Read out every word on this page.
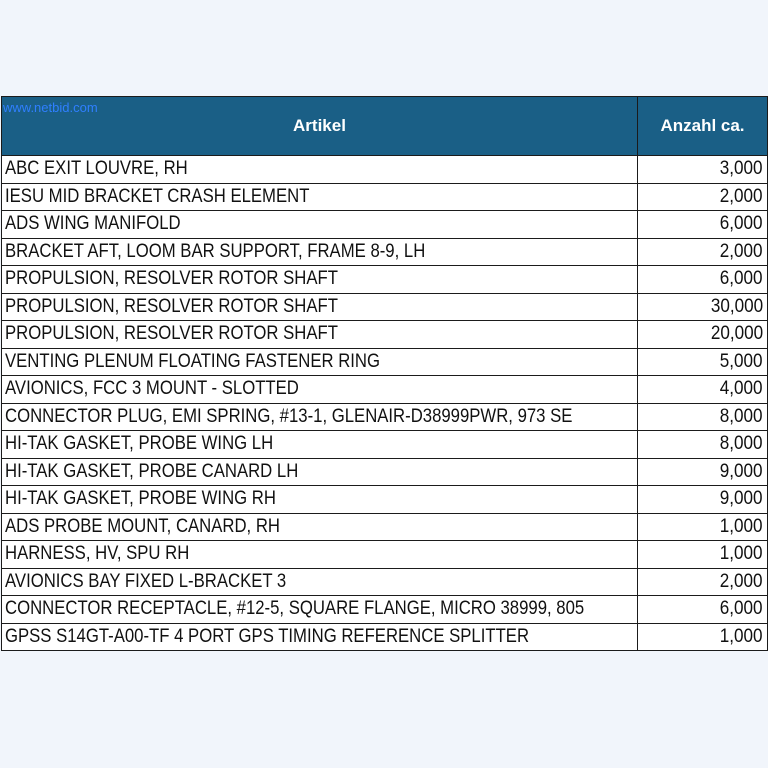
www.netbid.com
Artikel	Anzahl ca.
ABC EXIT LOUVRE, RH	3,000
IESU MID BRACKET CRASH ELEMENT	2,000
ADS WING MANIFOLD	6,000
BRACKET AFT, LOOM BAR SUPPORT, FRAME 8-9, LH	2,000
PROPULSION, RESOLVER ROTOR SHAFT	6,000
PROPULSION, RESOLVER ROTOR SHAFT	30,000
PROPULSION, RESOLVER ROTOR SHAFT	20,000
VENTING PLENUM FLOATING FASTENER RING	5,000
AVIONICS, FCC 3 MOUNT - SLOTTED	4,000
CONNECTOR PLUG, EMI SPRING, #13-1, GLENAIR-D38999PWR, 973 SE	8,000
HI-TAK GASKET, PROBE WING LH	8,000
HI-TAK GASKET, PROBE CANARD LH	9,000
HI-TAK GASKET, PROBE WING RH	9,000
ADS PROBE MOUNT, CANARD, RH	1,000
HARNESS, HV, SPU RH	1,000
AVIONICS BAY FIXED L-BRACKET 3	2,000
CONNECTOR RECEPTACLE, #12-5, SQUARE FLANGE, MICRO 38999, 805	6,000
GPSS S14GT-A00-TF 4 PORT GPS TIMING REFERENCE SPLITTER	1,000
